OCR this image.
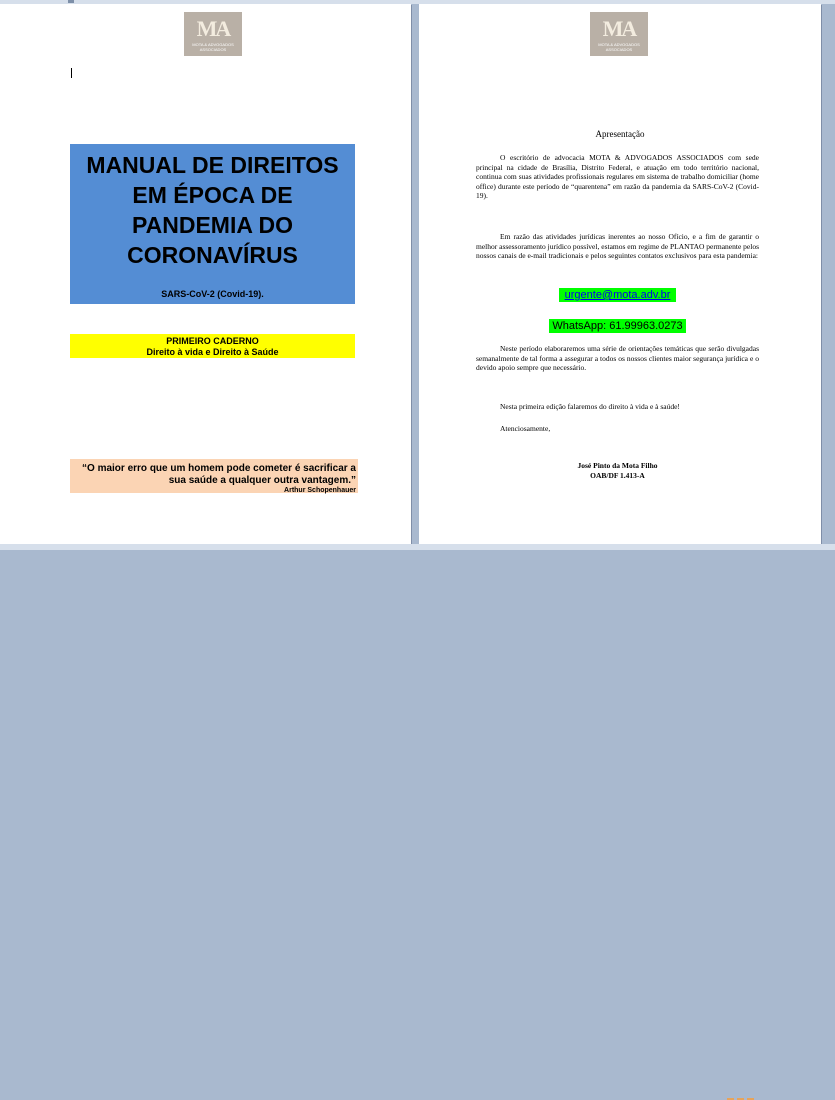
MA
MOTA & ADVOGADOS ASSOCIADOS
MANUAL DE DIREITOS EM ÉPOCA DE PANDEMIA DO CORONAVÍRUS
SARS-CoV-2 (Covid-19).
PRIMEIRO CADERNO
Direito à vida e Direito à Saúde
“O maior erro que um homem pode cometer é sacrificar a sua saúde a qualquer outra vantagem.”
Arthur Schopenhauer
MA
MOTA & ADVOGADOS ASSOCIADOS
Apresentação

O escritório de advocacia MOTA & ADVOGADOS ASSOCIADOS com sede principal na cidade de Brasília, Distrito Federal, e atuação em todo território nacional, continua com suas atividades profissionais regulares em sistema de trabalho domiciliar (home office) durante este período de “quarentena” em razão da pandemia da SARS-CoV-2 (Covid-19).

Em razão das atividades jurídicas inerentes ao nosso Ofício, e a fim de garantir o melhor assessoramento jurídico possível, estamos em regime de PLANTAO permanente pelos nossos canais de e-mail tradicionais e pelos seguintes contatos exclusivos para esta pandemia:

urgente@mota.adv.br
WhatsApp: 61.99963.0273

Neste período elaboraremos uma série de orientações temáticas que serão divulgadas semanalmente de tal forma a assegurar a todos os nossos clientes maior segurança jurídica e o devido apoio sempre que necessário.

Nesta primeira edição falaremos do direito à vida e à saúde!

Atenciosamente,

José Pinto da Mota Filho
OAB/DF 1.413-A
